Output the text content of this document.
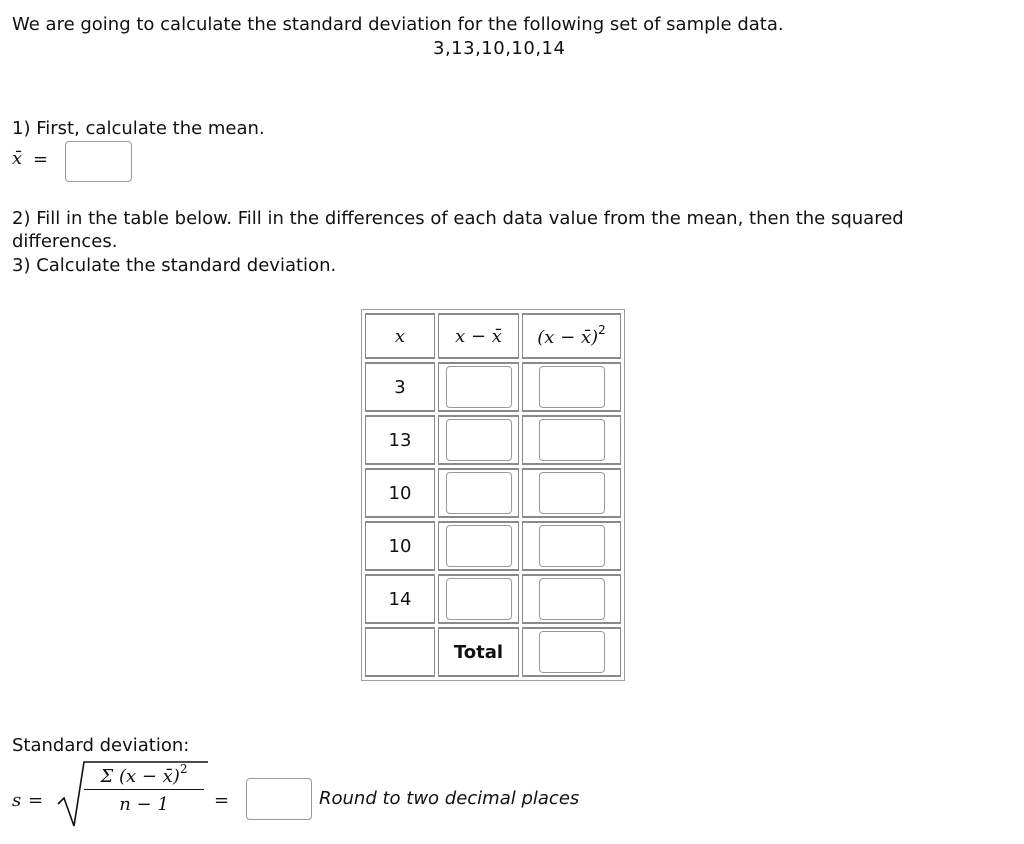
We are going to calculate the standard deviation for the following set of sample data.
3,13,10,10,14
1) First, calculate the mean.
x̄ =
2) Fill in the table below. Fill in the differences of each data value from the mean, then the squared
differences.
3) Calculate the standard deviation.
x	x − x̄	(x − x̄)$^2$
3		
13		
10		
10		
14		
	Total	
Standard deviation:
$s = \frac{\Sigma (x - x̄)^2}{n - 1}$ =	Round to two decimal places
